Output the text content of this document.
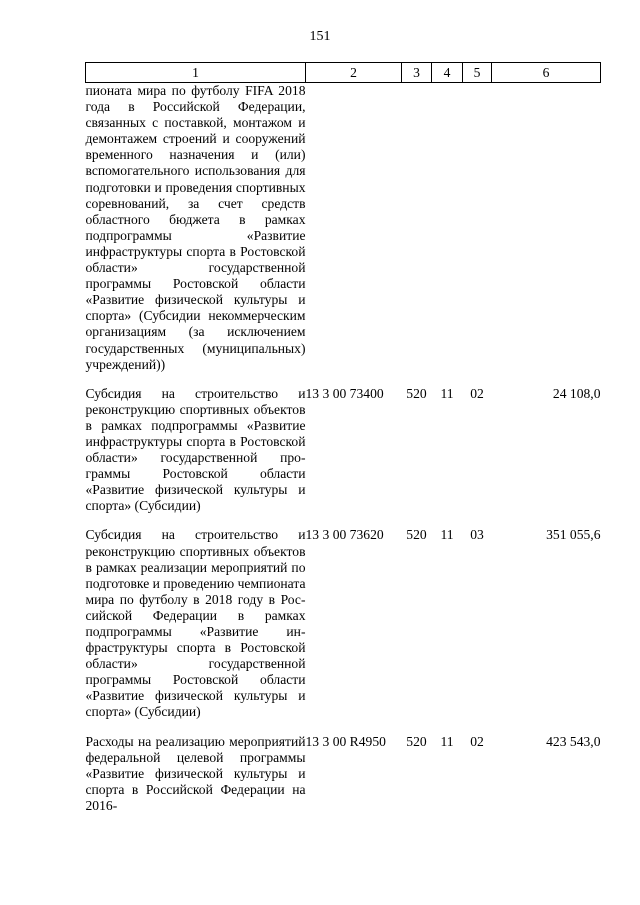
151
1	2	3	4	5	6

пионата мира по футболу FIFA 2018 года в Российской Федерации, связанных с поставкой, монтажом и демонтажем строений и сооружений временного назначения и (или) вспомогательного использования для подготовки и проведения спортивных соревнований, за счет средств областного бюджета в рамках подпрограммы «Развитие инфраструктуры спорта в Ростовской области» государственной программы Ростовской области «Развитие физической культуры и спорта» (Субсидии некоммерческим организациям (за исключением государственных (муниципальных) учреждений))					

Субсидия на строительство и реконструкцию спортивных объектов в рамках подпрограммы «Развитие инфраструктуры спорта в Ростовской области» государственной программы Ростовской области «Развитие физической культуры и спорта» (Субсидии)	13 3 00 73400	520	11	02	24 108,0

Субсидия на строительство и реконструкцию спортивных объектов в рамках реализации мероприятий по подготовке и проведению чемпионата мира по футболу в 2018 году в Российской Федерации в рамках подпрограммы «Развитие инфраструктуры спорта в Ростовской области» государственной программы Ростовской области «Развитие физической культуры и спорта» (Субсидии)	13 3 00 73620	520	11	03	351 055,6

Расходы на реализацию мероприятий федеральной целевой программы «Развитие физической культуры и спорта в Российской Федерации на 2016-	13 3 00 R4950	520	11	02	423 543,0
